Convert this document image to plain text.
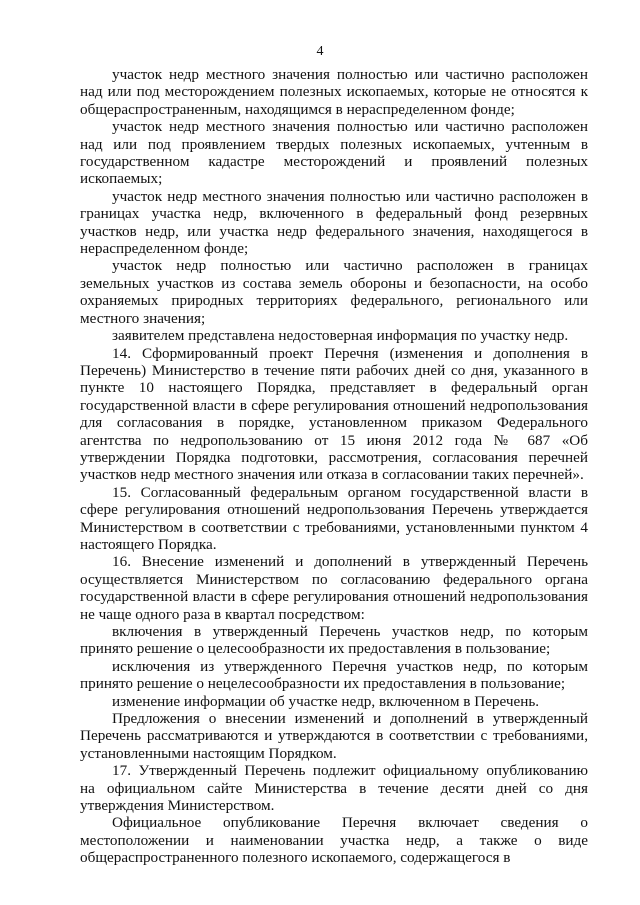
4

участок недр местного значения полностью или частично расположен над или под месторождением полезных ископаемых, которые не относятся к общераспространенным, находящимся в нераспределенном фонде;

участок недр местного значения полностью или частично расположен над или под проявлением твердых полезных ископаемых, учтенным в государственном кадастре месторождений и проявлений полезных ископаемых;

участок недр местного значения полностью или частично расположен в границах участка недр, включенного в федеральный фонд резервных участков недр, или участка недр федерального значения, находящегося в нераспределенном фонде;

участок недр полностью или частично расположен в границах земельных участков из состава земель обороны и безопасности, на особо охраняемых природных территориях федерального, регионального или местного значения;

заявителем представлена недостоверная информация по участку недр.

14. Сформированный проект Перечня (изменения и дополнения в Перечень) Министерство в течение пяти рабочих дней со дня, указанного в пункте 10 настоящего Порядка, представляет в федеральный орган государственной власти в сфере регулирования отношений недропользования для согласования в порядке, установленном приказом Федерального агентства по недропользованию от 15 июня 2012 года № 687 «Об утверждении Порядка подготовки, рассмотрения, согласования перечней участков недр местного значения или отказа в согласовании таких перечней».

15. Согласованный федеральным органом государственной власти в сфере регулирования отношений недропользования Перечень утверждается Министерством в соответствии с требованиями, установленными пунктом 4 настоящего Порядка.

16. Внесение изменений и дополнений в утвержденный Перечень осуществляется Министерством по согласованию федерального органа государственной власти в сфере регулирования отношений недропользования не чаще одного раза в квартал посредством:

включения в утвержденный Перечень участков недр, по которым принято решение о целесообразности их предоставления в пользование;

исключения из утвержденного Перечня участков недр, по которым принято решение о нецелесообразности их предоставления в пользование;

изменение информации об участке недр, включенном в Перечень.

Предложения о внесении изменений и дополнений в утвержденный Перечень рассматриваются и утверждаются в соответствии с требованиями, установленными настоящим Порядком.

17. Утвержденный Перечень подлежит официальному опубликованию на официальном сайте Министерства в течение десяти дней со дня утверждения Министерством.

Официальное опубликование Перечня включает сведения о местоположении и наименовании участка недр, а также о виде общераспространенного полезного ископаемого, содержащегося в
